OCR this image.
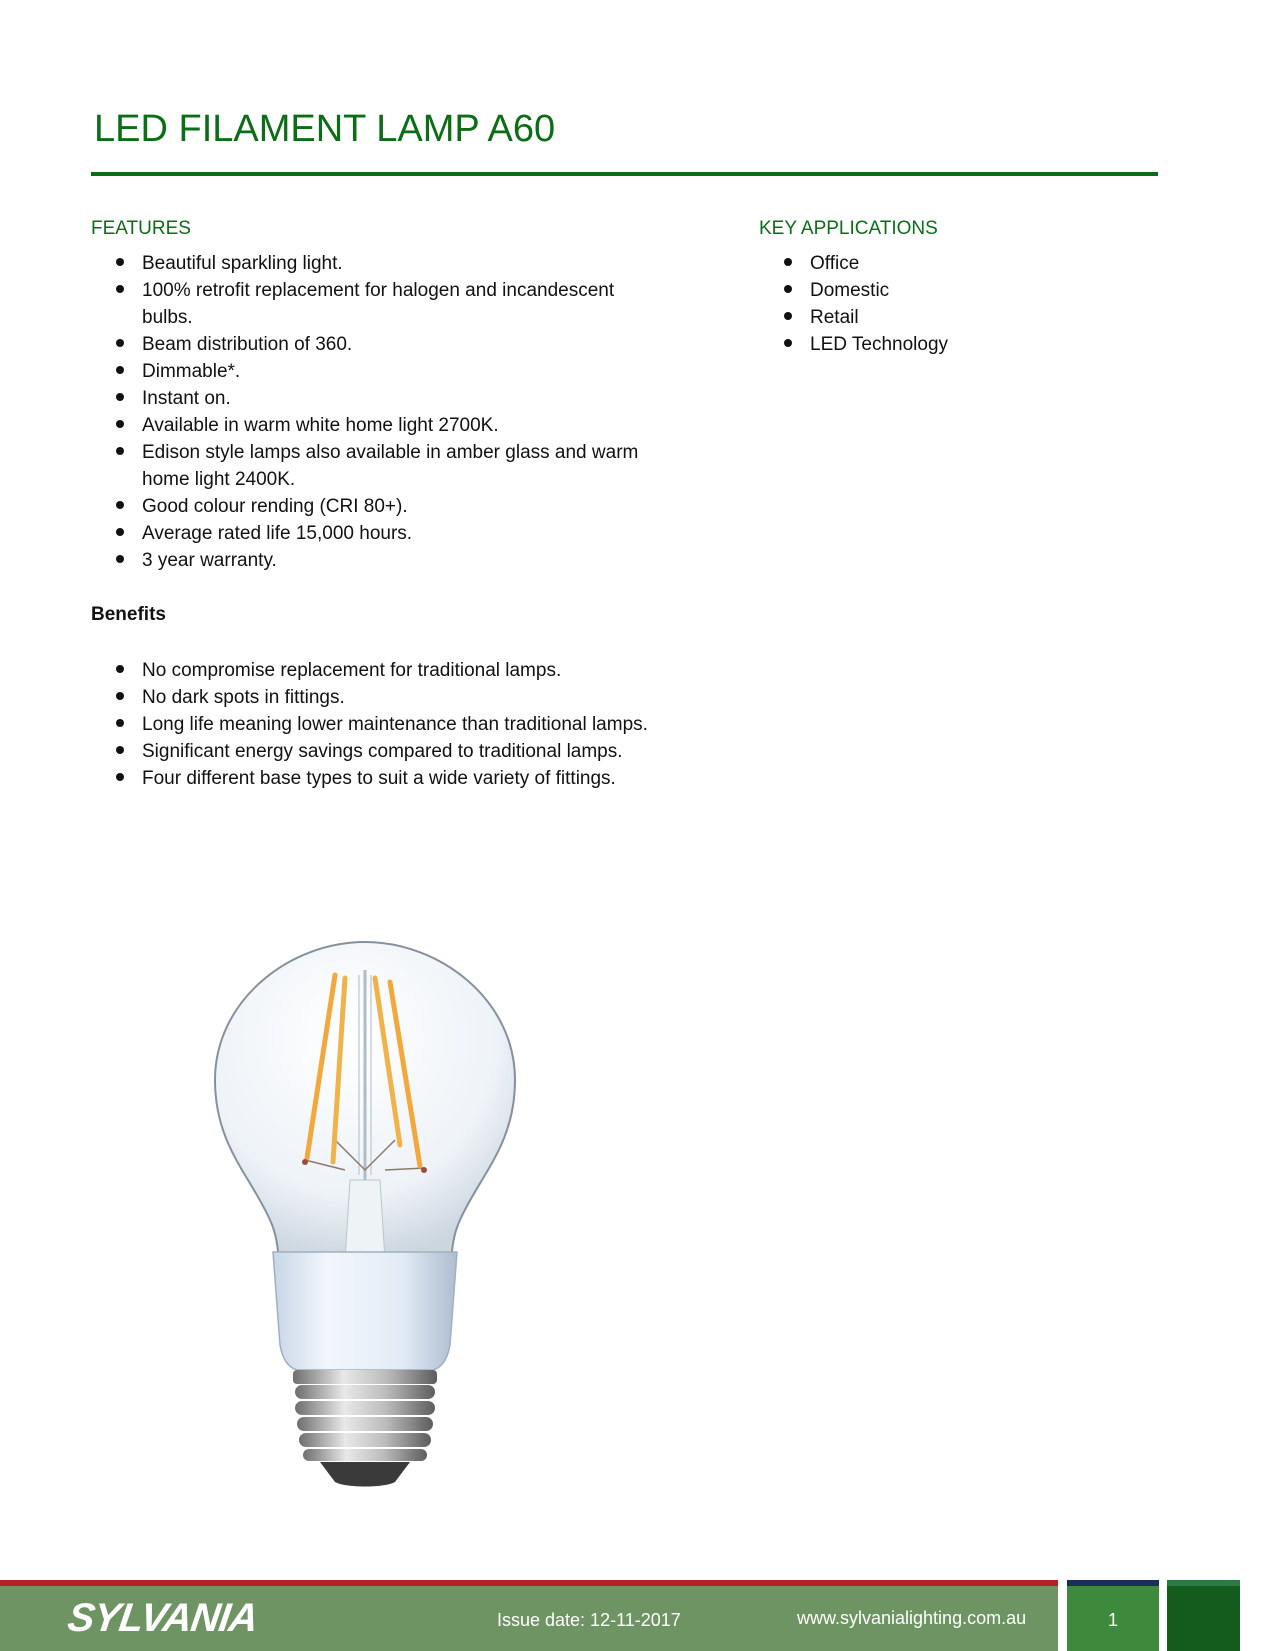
LED FILAMENT LAMP A60
FEATURES
Beautiful sparkling light.
100% retrofit replacement for halogen and incandescent bulbs.
Beam distribution of 360.
Dimmable*.
Instant on.
Available in warm white home light 2700K.
Edison style lamps also available in amber glass and warm home light 2400K.
Good colour rending (CRI 80+).
Average rated life 15,000 hours.
3 year warranty.
KEY APPLICATIONS
Office
Domestic
Retail
LED Technology
Benefits
No compromise replacement for traditional lamps.
No dark spots in fittings.
Long life meaning lower maintenance than traditional lamps.
Significant energy savings compared to traditional lamps.
Four different base types to suit a wide variety of fittings.
SYLVANIA	Issue date: 12-11-2017	www.sylvanialighting.com.au	1
